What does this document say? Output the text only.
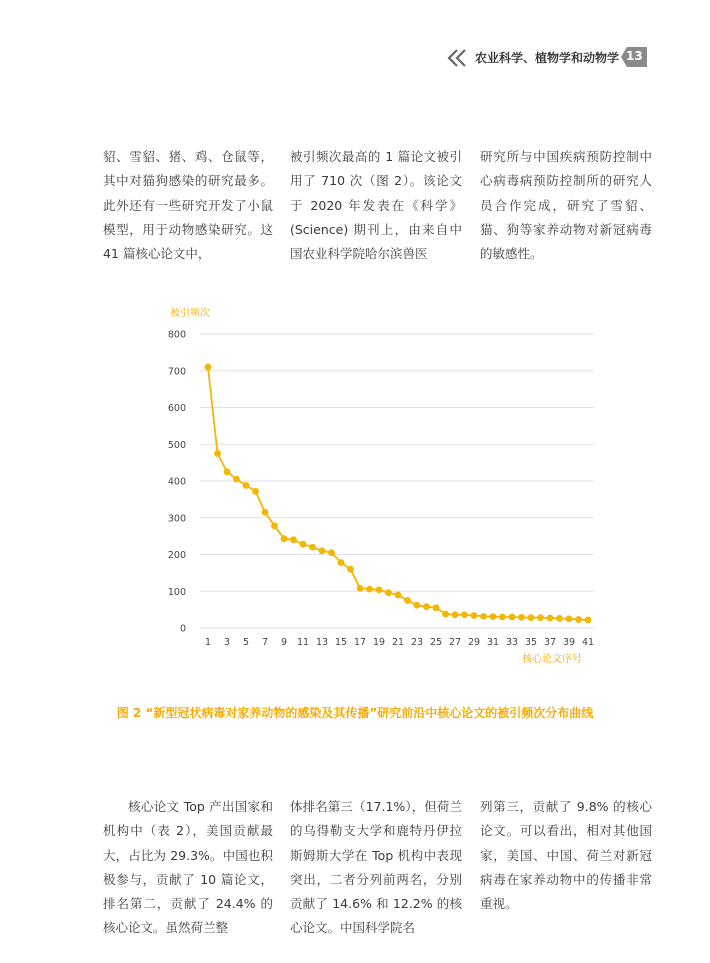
农业科学、植物学和动物学 13

貂、雪貂、猪、鸡、仓鼠等，其中对猫狗感染的研究最多。此外还有一些研究开发了小鼠模型，用于动物感染研究。这 41 篇核心论文中，

被引频次最高的 1 篇论文被引用了 710 次（图 2）。该论文于 2020 年发表在《科学》(Science) 期刊上，由来自中国农业科学院哈尔滨兽医

研究所与中国疾病预防控制中心病毒病预防控制所的研究人员合作完成，研究了雪貂、猫、狗等家养动物对新冠病毒的敏感性。

被引频次
核心论文序号
0
100
200
300
400
500
600
700
800
1 3 5 7 9 11 13 15 17 19 21 23 25 27 29 31 33 35 37 39 41
图 2 “新型冠状病毒对家养动物的感染及其传播”研究前沿中核心论文的被引频次分布曲线

核心论文 Top 产出国家和机构中（表 2），美国贡献最大，占比为 29.3%。中国也积极参与，贡献了 10 篇论文，排名第二，贡献了 24.4% 的核心论文。虽然荷兰整

体排名第三（17.1%），但荷兰的乌得勒支大学和鹿特丹伊拉斯姆斯大学在 Top 机构中表现突出，二者分列前两名，分别贡献了 14.6% 和 12.2% 的核心论文。中国科学院名

列第三，贡献了 9.8% 的核心论文。可以看出，相对其他国家，美国、中国、荷兰对新冠病毒在家养动物中的传播非常重视。
